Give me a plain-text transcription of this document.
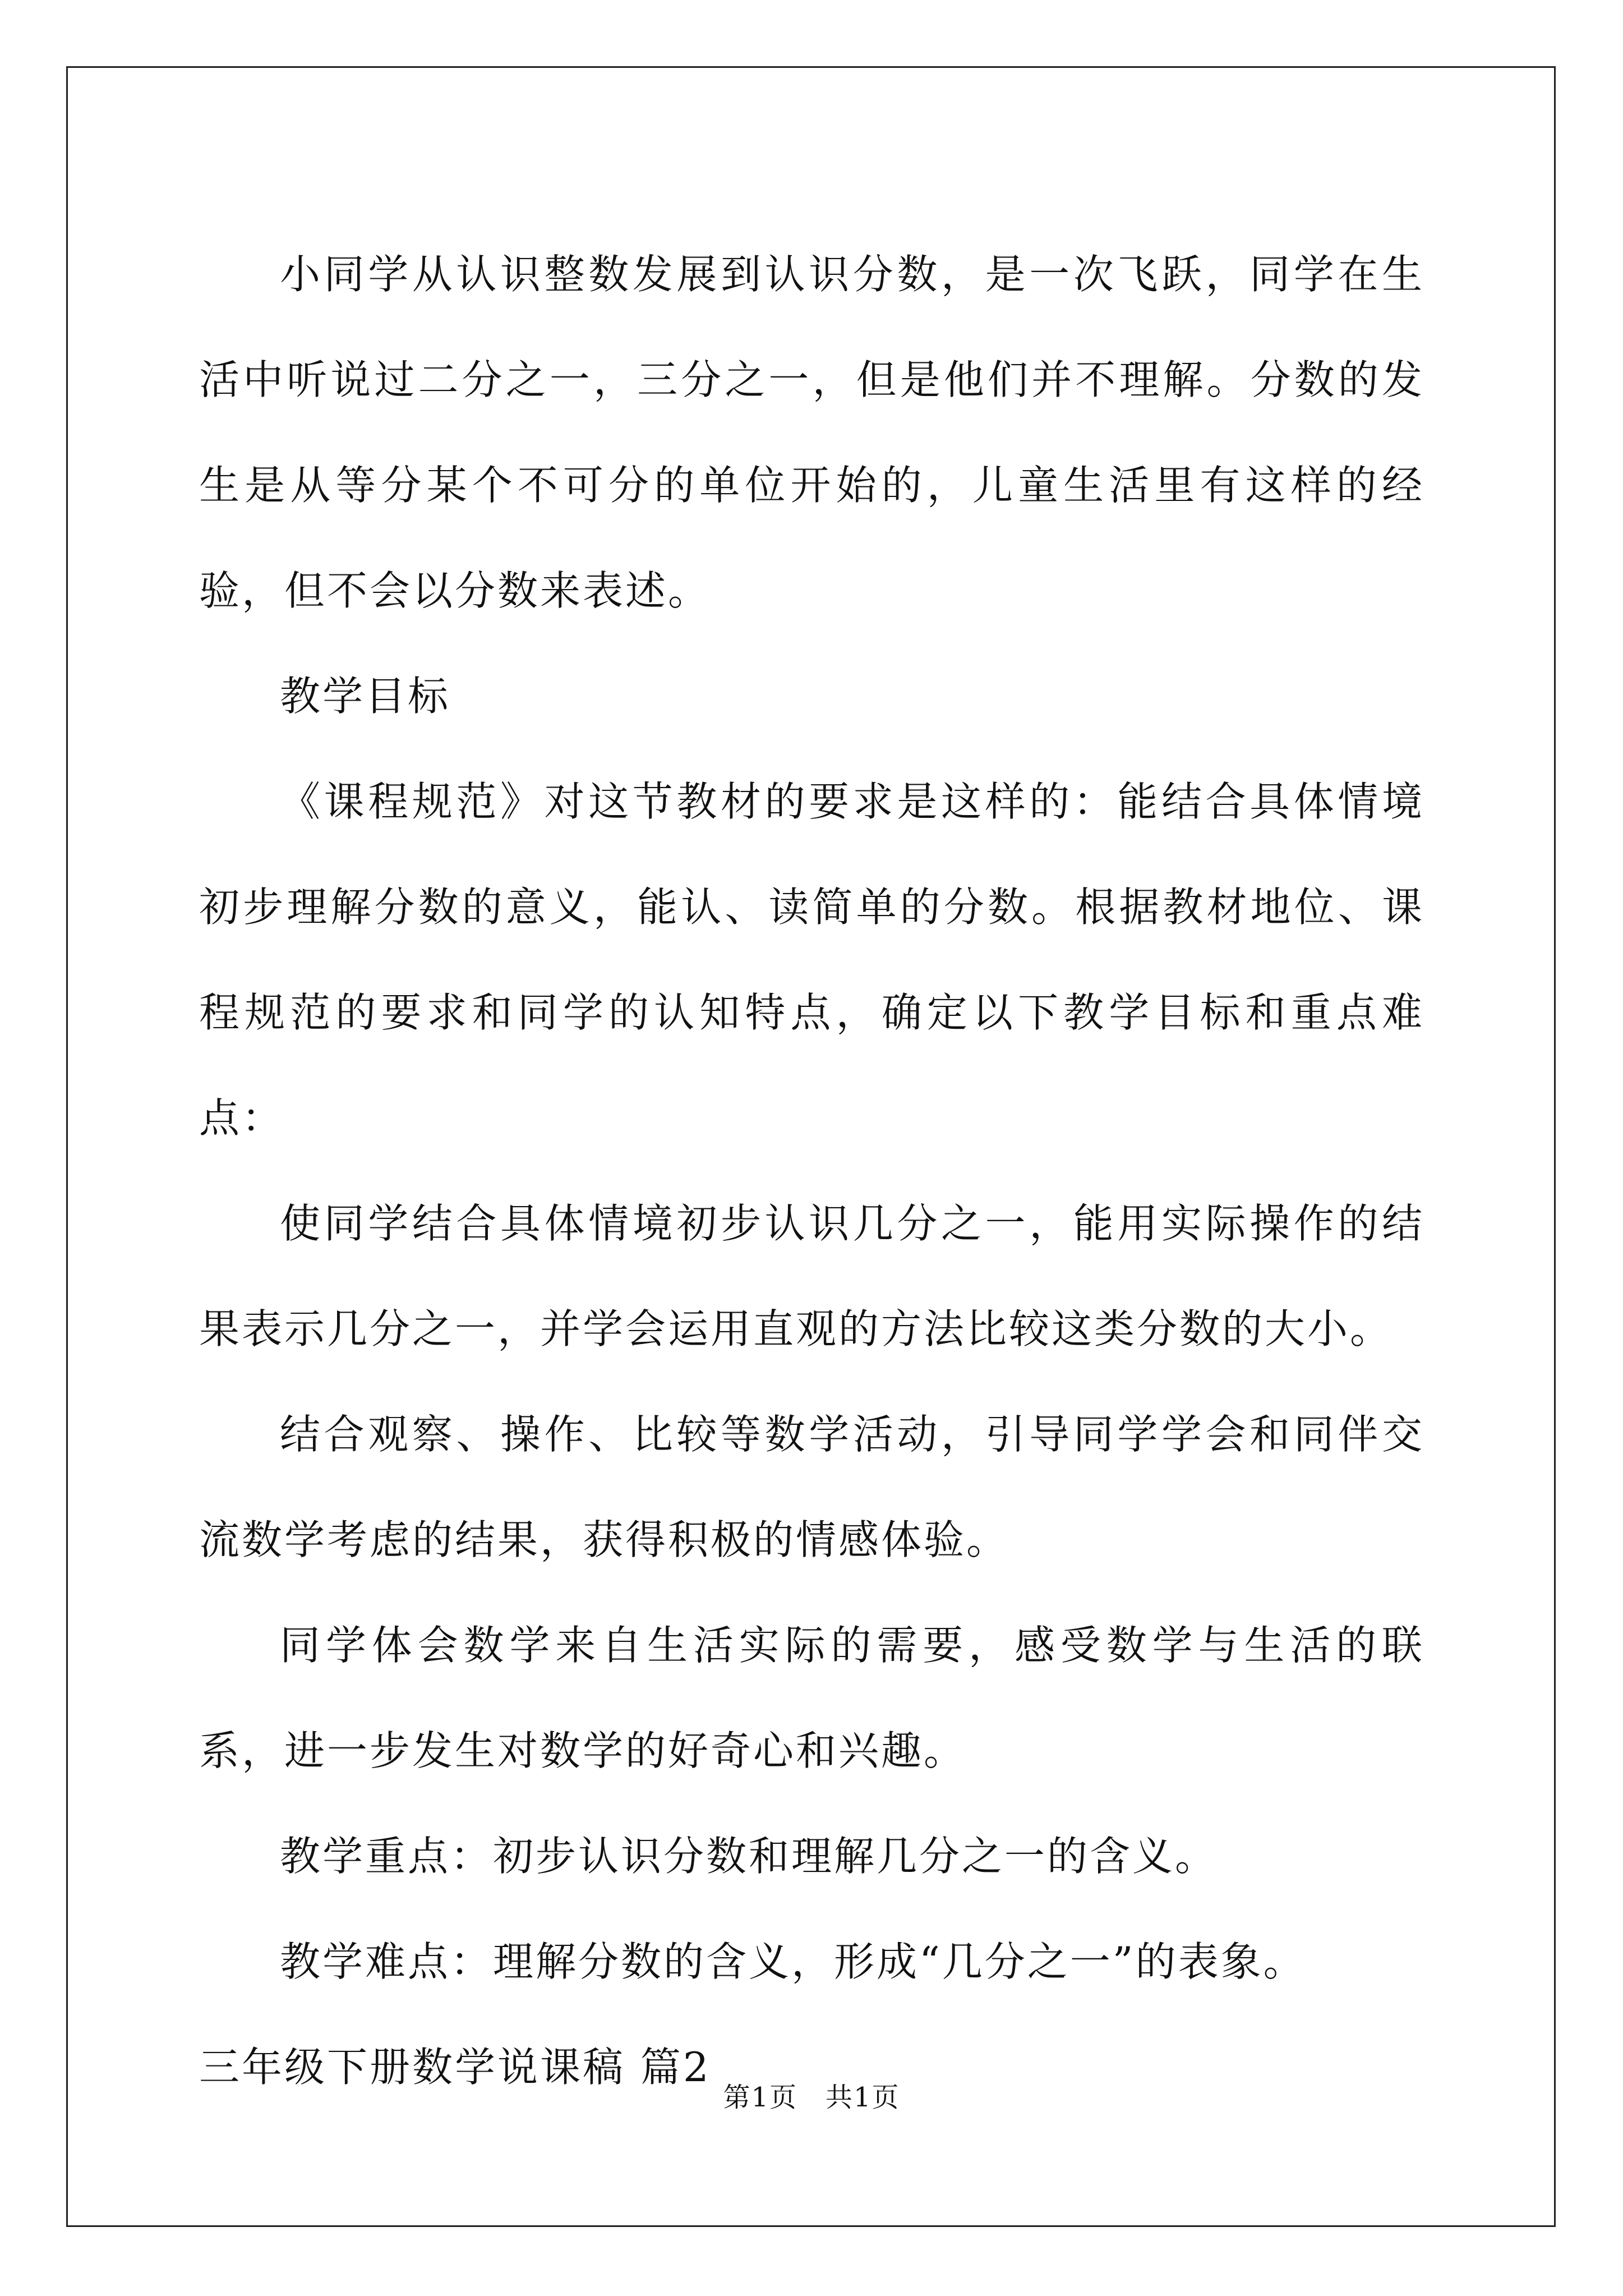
小同学从认识整数发展到认识分数，是一次飞跃，同学在生活中听说过二分之一，三分之一，但是他们并不理解。分数的发生是从等分某个不可分的单位开始的，儿童生活里有这样的经验，但不会以分数来表述。

教学目标

《课程规范》对这节教材的要求是这样的：能结合具体情境初步理解分数的意义，能认、读简单的分数。根据教材地位、课程规范的要求和同学的认知特点，确定以下教学目标和重点难点：

使同学结合具体情境初步认识几分之一，能用实际操作的结果表示几分之一，并学会运用直观的方法比较这类分数的大小。

结合观察、操作、比较等数学活动，引导同学学会和同伴交流数学考虑的结果，获得积极的情感体验。

同学体会数学来自生活实际的需要，感受数学与生活的联系，进一步发生对数学的好奇心和兴趣。

教学重点：初步认识分数和理解几分之一的含义。

教学难点：理解分数的含义，形成“几分之一”的表象。

三年级下册数学说课稿 篇2

第1页　共1页
